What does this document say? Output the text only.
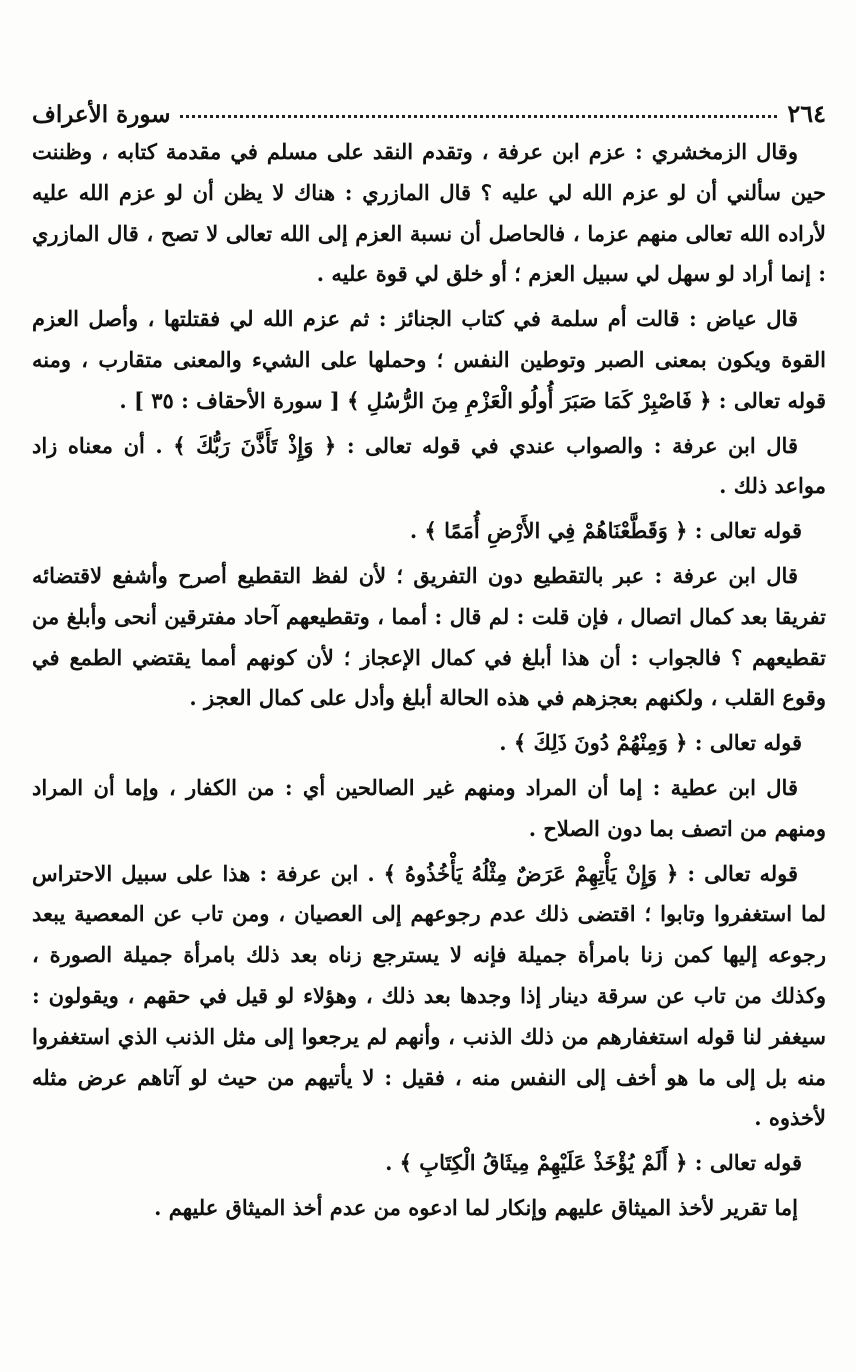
٢٦٤
سورة الأعراف

وقال الزمخشري : عزم ابن عرفة ، وتقدم النقد على مسلم في مقدمة كتابه ، وظننت حين سألني أن لو عزم الله لي عليه ؟ قال المازري : هناك لا يظن أن لو عزم الله عليه لأراده الله تعالى منهم عزما ، فالحاصل أن نسبة العزم إلى الله تعالى لا تصح ، قال المازري : إنما أراد لو سهل لي سبيل العزم ؛ أو خلق لي قوة عليه .

قال عياض : قالت أم سلمة في كتاب الجنائز : ثم عزم الله لي فقتلتها ، وأصل العزم القوة ويكون بمعنى الصبر وتوطين النفس ؛ وحملها على الشيء والمعنى متقارب ، ومنه قوله تعالى : ﴿ فَاصْبِرْ كَمَا صَبَرَ أُولُو الْعَزْمِ مِنَ الرُّسُلِ ﴾ [ سورة الأحقاف : ٣٥ ] .

قال ابن عرفة : والصواب عندي في قوله تعالى : ﴿ وَإِذْ تَأَذَّنَ رَبُّكَ ﴾ . أن معناه زاد مواعد ذلك .

قوله تعالى : ﴿ وَقَطَّعْنَاهُمْ فِي الأَرْضِ أُمَمًا ﴾ .

قال ابن عرفة : عبر بالتقطيع دون التفريق ؛ لأن لفظ التقطيع أصرح وأشفع لاقتضائه تفريقا بعد كمال اتصال ، فإن قلت : لم قال : أمما ، وتقطيعهم آحاد مفترقين أنحى وأبلغ من تقطيعهم ؟ فالجواب : أن هذا أبلغ في كمال الإعجاز ؛ لأن كونهم أمما يقتضي الطمع في وقوع القلب ، ولكنهم بعجزهم في هذه الحالة أبلغ وأدل على كمال العجز .

قوله تعالى : ﴿ وَمِنْهُمْ دُونَ ذَلِكَ ﴾ .

قال ابن عطية : إما أن المراد ومنهم غير الصالحين أي : من الكفار ، وإما أن المراد ومنهم من اتصف بما دون الصلاح .

قوله تعالى : ﴿ وَإِنْ يَأْتِهِمْ عَرَضٌ مِثْلُهُ يَأْخُذُوهُ ﴾ . ابن عرفة : هذا على سبيل الاحتراس لما استغفروا وتابوا ؛ اقتضى ذلك عدم رجوعهم إلى العصيان ، ومن تاب عن المعصية يبعد رجوعه إليها كمن زنا بامرأة جميلة فإنه لا يسترجع زناه بعد ذلك بامرأة جميلة الصورة ، وكذلك من تاب عن سرقة دينار إذا وجدها بعد ذلك ، وهؤلاء لو قيل في حقهم ، ويقولون : سيغفر لنا قوله استغفارهم من ذلك الذنب ، وأنهم لم يرجعوا إلى مثل الذنب الذي استغفروا منه بل إلى ما هو أخف إلى النفس منه ، فقيل : لا يأتيهم من حيث لو آتاهم عرض مثله لأخذوه .

قوله تعالى : ﴿ أَلَمْ يُؤْخَذْ عَلَيْهِمْ مِيثَاقُ الْكِتَابِ ﴾ .

إما تقرير لأخذ الميثاق عليهم وإنكار لما ادعوه من عدم أخذ الميثاق عليهم .
